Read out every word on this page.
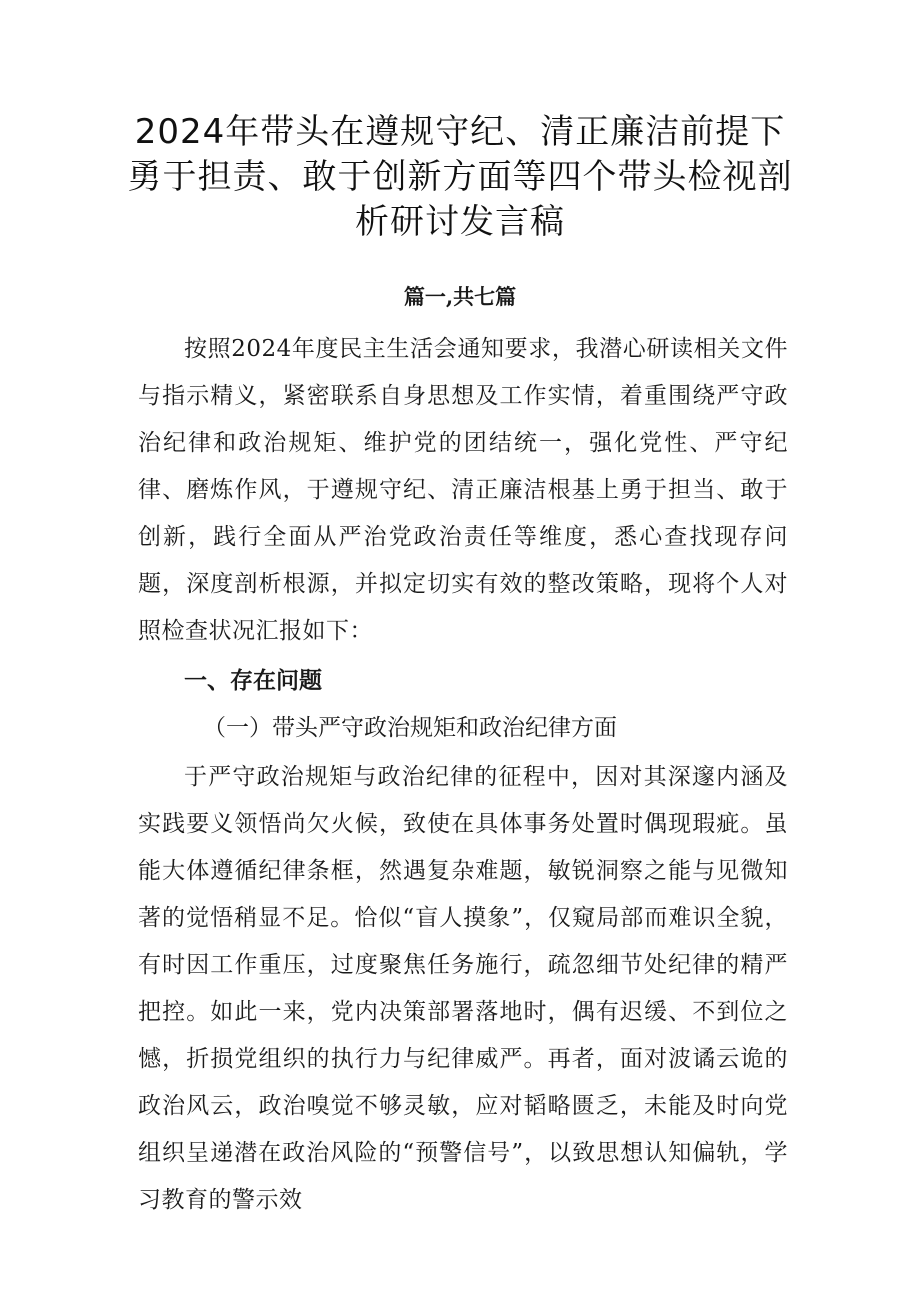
2024年带头在遵规守纪、清正廉洁前提下勇于担责、敢于创新方面等四个带头检视剖析研讨发言稿

篇一,共七篇

按照2024年度民主生活会通知要求，我潜心研读相关文件与指示精义，紧密联系自身思想及工作实情，着重围绕严守政治纪律和政治规矩、维护党的团结统一，强化党性、严守纪律、磨炼作风，于遵规守纪、清正廉洁根基上勇于担当、敢于创新，践行全面从严治党政治责任等维度，悉心查找现存问题，深度剖析根源，并拟定切实有效的整改策略，现将个人对照检查状况汇报如下：

一、存在问题

（一）带头严守政治规矩和政治纪律方面

于严守政治规矩与政治纪律的征程中，因对其深邃内涵及实践要义领悟尚欠火候，致使在具体事务处置时偶现瑕疵。虽能大体遵循纪律条框，然遇复杂难题，敏锐洞察之能与见微知著的觉悟稍显不足。恰似“盲人摸象”，仅窥局部而难识全貌，有时因工作重压，过度聚焦任务施行，疏忽细节处纪律的精严把控。如此一来，党内决策部署落地时，偶有迟缓、不到位之憾，折损党组织的执行力与纪律威严。再者，面对波谲云诡的政治风云，政治嗅觉不够灵敏，应对韬略匮乏，未能及时向党组织呈递潜在政治风险的“预警信号”，以致思想认知偏轨，学习教育的警示效
